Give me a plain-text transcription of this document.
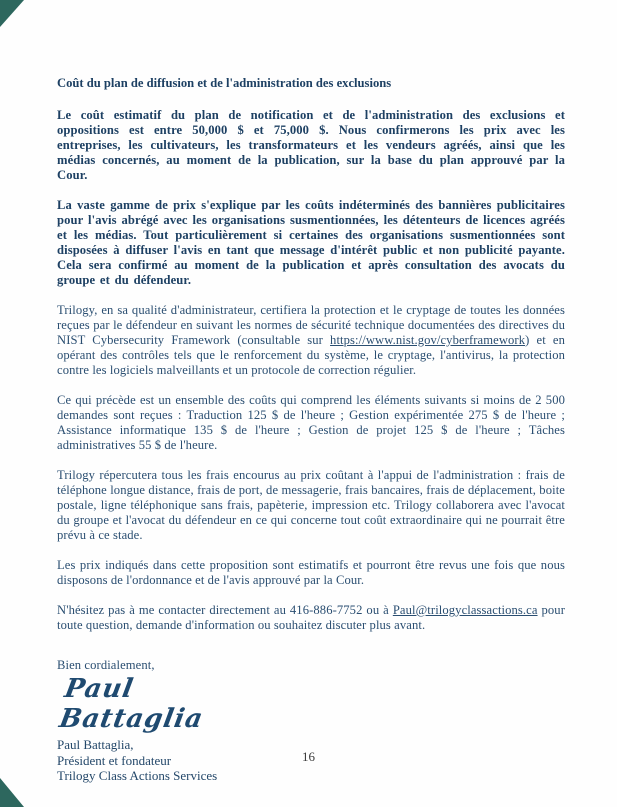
Coût du plan de diffusion et de l'administration des exclusions

Le coût estimatif du plan de notification et de l'administration des exclusions et oppositions est entre 50,000 $ et 75,000 $. Nous confirmerons les prix avec les entreprises, les cultivateurs, les transformateurs et les vendeurs agréés, ainsi que les médias concernés, au moment de la publication, sur la base du plan approuvé par la Cour.

La vaste gamme de prix s'explique par les coûts indéterminés des bannières publicitaires pour l'avis abrégé avec les organisations susmentionnées, les détenteurs de licences agréés et les médias. Tout particulièrement si certaines des organisations susmentionnées sont disposées à diffuser l'avis en tant que message d'intérêt public et non publicité payante. Cela sera confirmé au moment de la publication et après consultation des avocats du groupe et du défendeur.

Trilogy, en sa qualité d'administrateur, certifiera la protection et le cryptage de toutes les données reçues par le défendeur en suivant les normes de sécurité technique documentées des directives du NIST Cybersecurity Framework (consultable sur https://www.nist.gov/cyberframework) et en opérant des contrôles tels que le renforcement du système, le cryptage, l'antivirus, la protection contre les logiciels malveillants et un protocole de correction régulier.

Ce qui précède est un ensemble des coûts qui comprend les éléments suivants si moins de 2 500 demandes sont reçues : Traduction 125 $ de l'heure ; Gestion expérimentée 275 $ de l'heure ; Assistance informatique 135 $ de l'heure ; Gestion de projet 125 $ de l'heure ; Tâches administratives 55 $ de l'heure.

Trilogy répercutera tous les frais encourus au prix coûtant à l'appui de l'administration : frais de téléphone longue distance, frais de port, de messagerie, frais bancaires, frais de déplacement, boite postale, ligne téléphonique sans frais, papèterie, impression etc. Trilogy collaborera avec l'avocat du groupe et l'avocat du défendeur en ce qui concerne tout coût extraordinaire qui ne pourrait être prévu à ce stade.

Les prix indiqués dans cette proposition sont estimatifs et pourront être revus une fois que nous disposons de l'ordonnance et de l'avis approuvé par la Cour.

N'hésitez pas à me contacter directement au 416-886-7752 ou à Paul@trilogyclassactions.ca pour toute question, demande d'information ou souhaitez discuter plus avant.

Bien cordialement,

Paul Battaglia
Paul Battaglia,
Président et fondateur
Trilogy Class Actions Services
16
